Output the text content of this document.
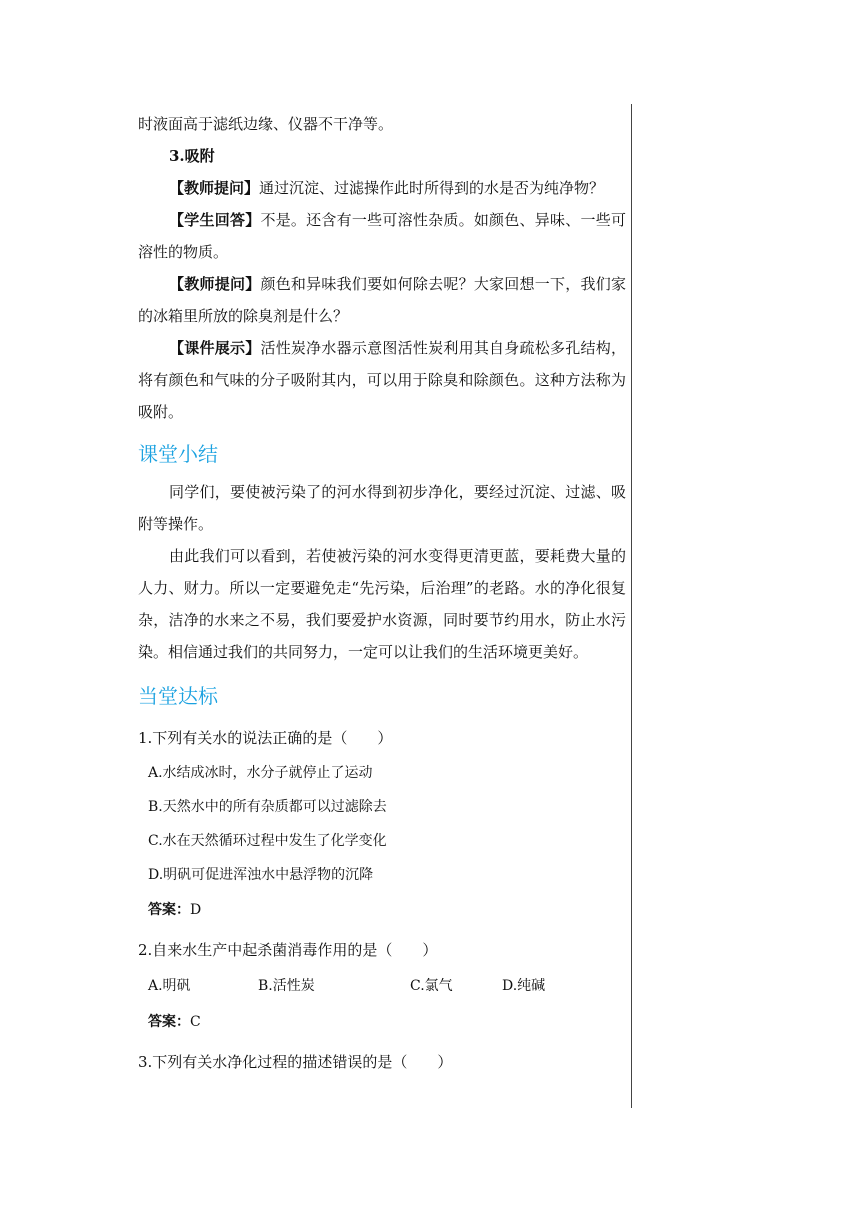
时液面高于滤纸边缘、仪器不干净等。

3.吸附

【教师提问】通过沉淀、过滤操作此时所得到的水是否为纯净物？

【学生回答】不是。还含有一些可溶性杂质。如颜色、异味、一些可溶性的物质。

【教师提问】颜色和异味我们要如何除去呢？大家回想一下，我们家的冰箱里所放的除臭剂是什么？

【课件展示】活性炭净水器示意图活性炭利用其自身疏松多孔结构，将有颜色和气味的分子吸附其内，可以用于除臭和除颜色。这种方法称为吸附。

课堂小结

同学们，要使被污染了的河水得到初步净化，要经过沉淀、过滤、吸附等操作。

由此我们可以看到，若使被污染的河水变得更清更蓝，要耗费大量的人力、财力。所以一定要避免走“先污染，后治理”的老路。水的净化很复杂，洁净的水来之不易，我们要爱护水资源，同时要节约用水，防止水污染。相信通过我们的共同努力，一定可以让我们的生活环境更美好。

当堂达标
1.下列有关水的说法正确的是（　　）
A.水结成冰时，水分子就停止了运动
B.天然水中的所有杂质都可以过滤除去
C.水在天然循环过程中发生了化学变化
D.明矾可促进浑浊水中悬浮物的沉降
答案：D
2.自来水生产中起杀菌消毒作用的是（　　）
A.明矾	B.活性炭	C.氯气	D.纯碱
答案：C
3.下列有关水净化过程的描述错误的是（　　）
